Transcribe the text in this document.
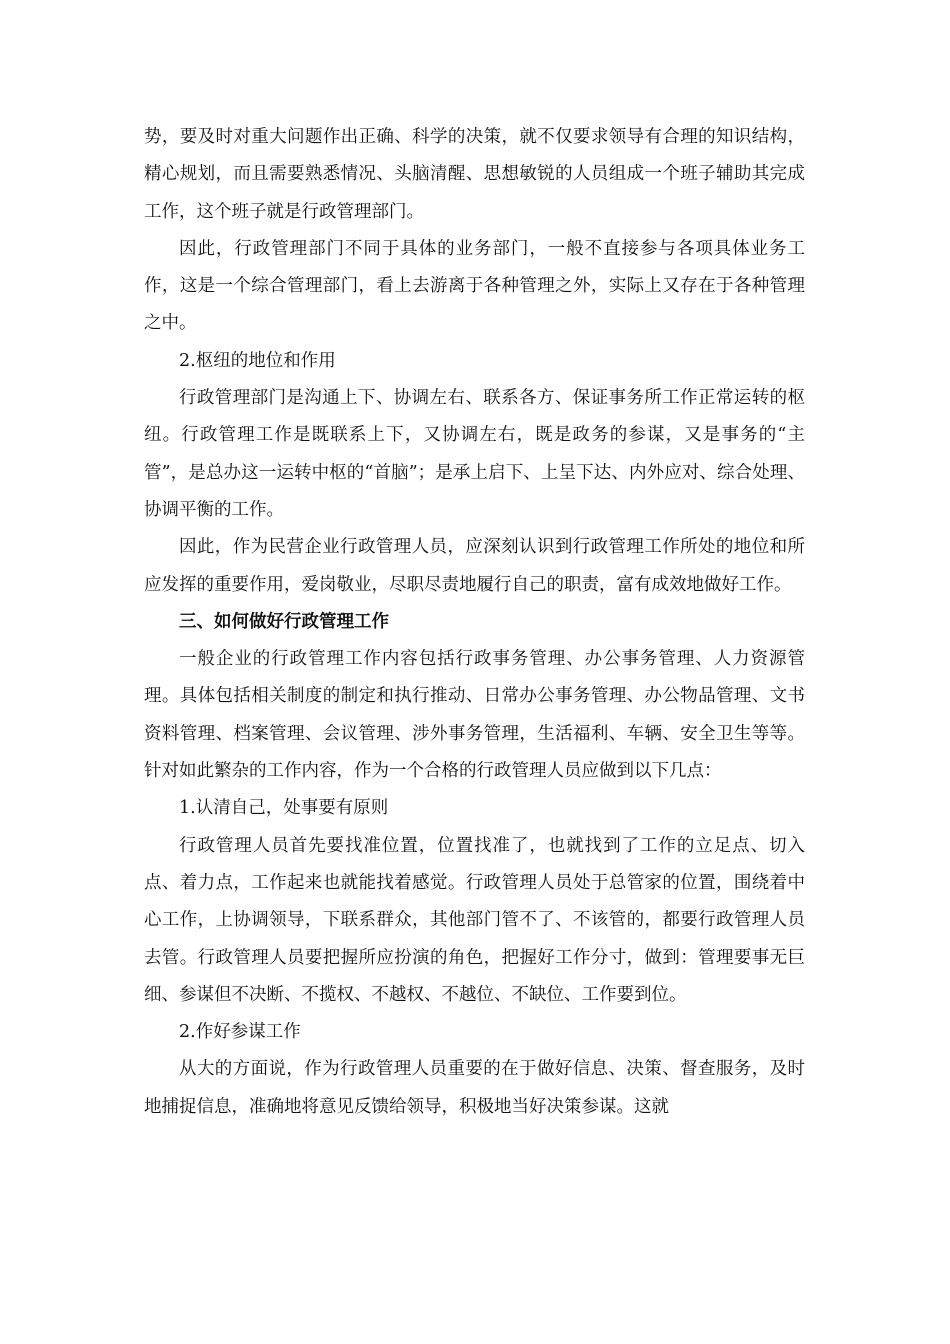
势，要及时对重大问题作出正确、科学的决策，就不仅要求领导有合理的知识结构，精心规划，而且需要熟悉情况、头脑清醒、思想敏锐的人员组成一个班子辅助其完成工作，这个班子就是行政管理部门。

因此，行政管理部门不同于具体的业务部门，一般不直接参与各项具体业务工作，这是一个综合管理部门，看上去游离于各种管理之外，实际上又存在于各种管理之中。

2.枢纽的地位和作用

行政管理部门是沟通上下、协调左右、联系各方、保证事务所工作正常运转的枢纽。行政管理工作是既联系上下，又协调左右，既是政务的参谋，又是事务的“主管”，是总办这一运转中枢的“首脑”；是承上启下、上呈下达、内外应对、综合处理、协调平衡的工作。

因此，作为民营企业行政管理人员，应深刻认识到行政管理工作所处的地位和所应发挥的重要作用，爱岗敬业，尽职尽责地履行自己的职责，富有成效地做好工作。

三、如何做好行政管理工作

一般企业的行政管理工作内容包括行政事务管理、办公事务管理、人力资源管理。具体包括相关制度的制定和执行推动、日常办公事务管理、办公物品管理、文书资料管理、档案管理、会议管理、涉外事务管理，生活福利、车辆、安全卫生等等。针对如此繁杂的工作内容，作为一个合格的行政管理人员应做到以下几点：

1.认清自己，处事要有原则

行政管理人员首先要找准位置，位置找准了，也就找到了工作的立足点、切入点、着力点，工作起来也就能找着感觉。行政管理人员处于总管家的位置，围绕着中心工作，上协调领导，下联系群众，其他部门管不了、不该管的，都要行政管理人员去管。行政管理人员要把握所应扮演的角色，把握好工作分寸，做到：管理要事无巨细、参谋但不决断、不揽权、不越权、不越位、不缺位、工作要到位。

2.作好参谋工作

从大的方面说，作为行政管理人员重要的在于做好信息、决策、督查服务，及时地捕捉信息，准确地将意见反馈给领导，积极地当好决策参谋。这就
